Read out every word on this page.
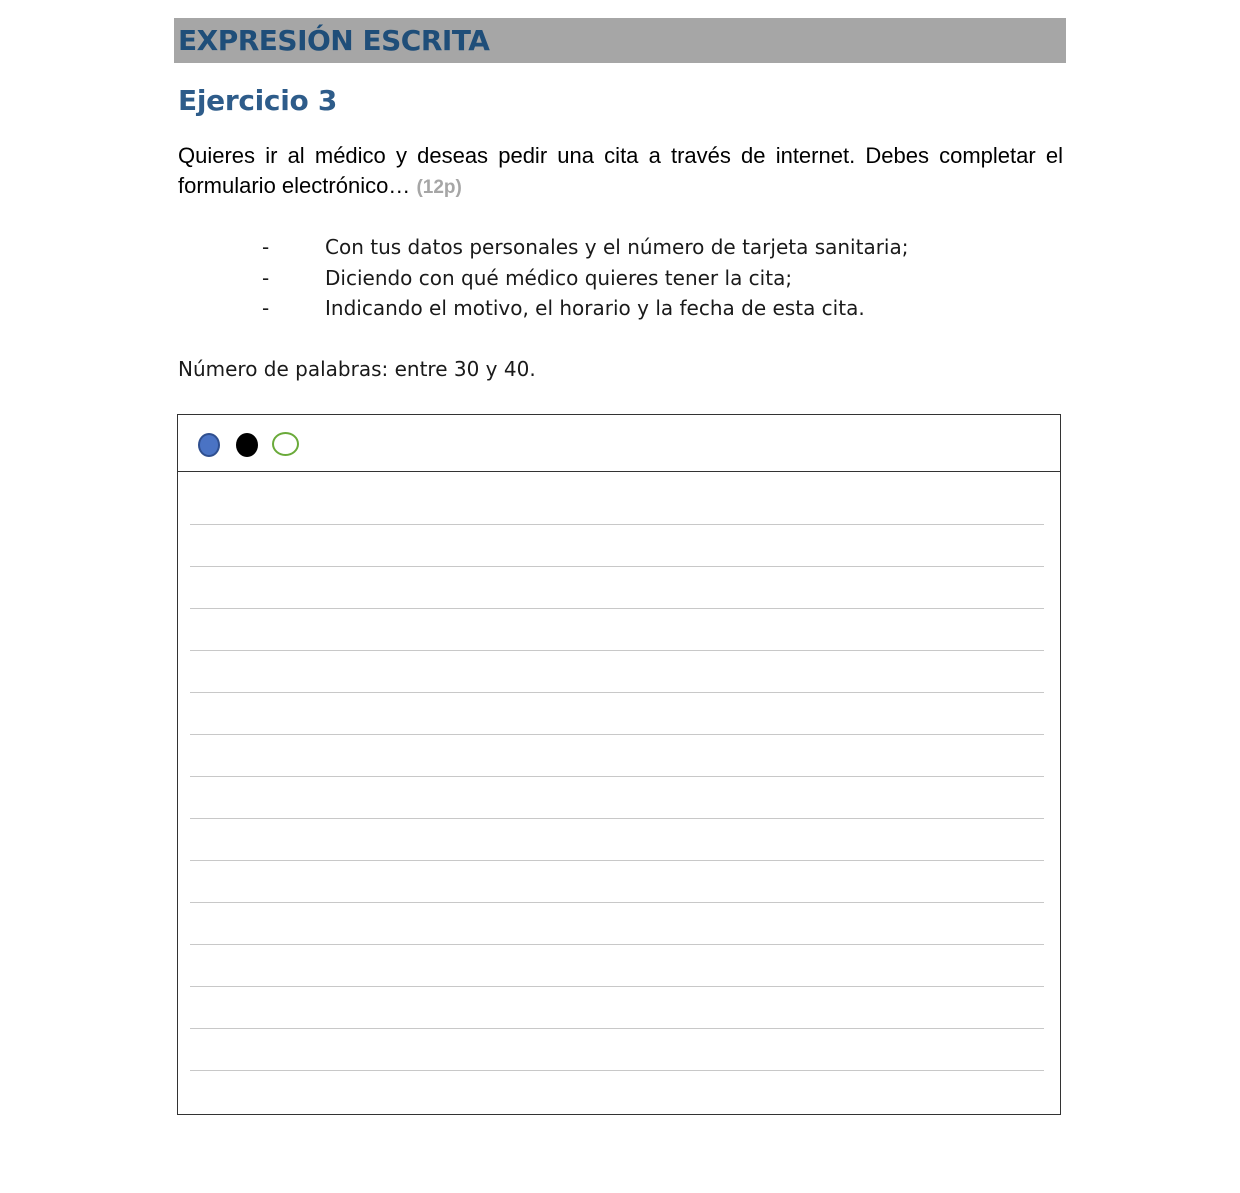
EXPRESIÓN ESCRITA
Ejercicio 3
Quieres ir al médico y deseas pedir una cita a través de internet. Debes completar el formulario electrónico… (12p)
-	Con tus datos personales y el número de tarjeta sanitaria;
-	Diciendo con qué médico quieres tener la cita;
-	Indicando el motivo, el horario y la fecha de esta cita.
Número de palabras: entre 30 y 40.
